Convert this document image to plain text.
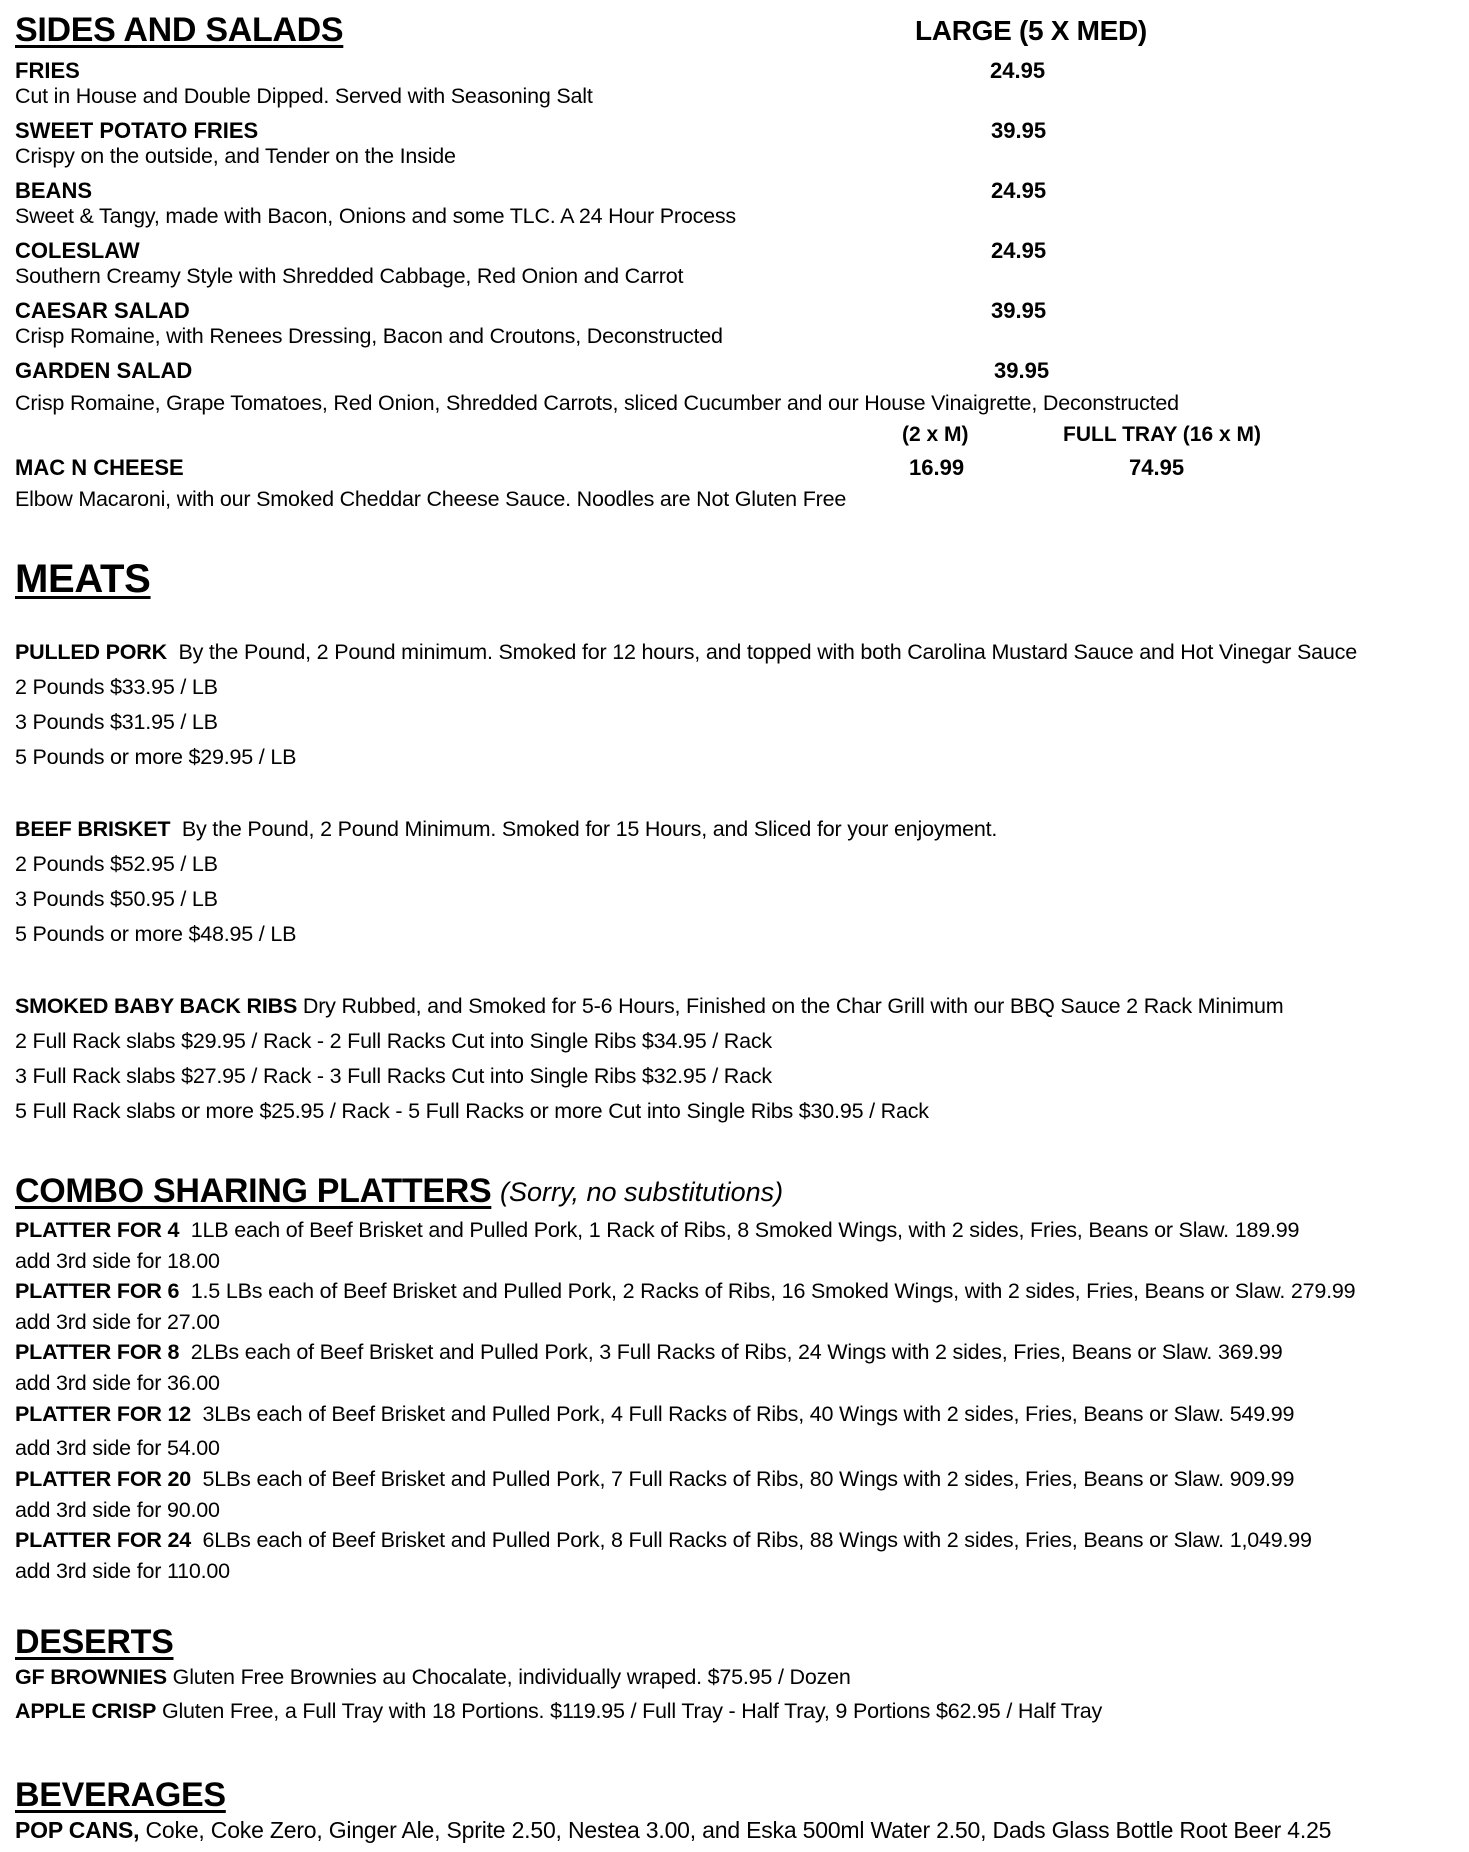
SIDES AND SALADS	LARGE (5 X MED)
FRIES	24.95
Cut in House and Double Dipped. Served with Seasoning Salt
SWEET POTATO FRIES	39.95
Crispy on the outside, and Tender on the Inside
BEANS	24.95
Sweet & Tangy, made with Bacon, Onions and some TLC. A 24 Hour Process
COLESLAW	24.95
Southern Creamy Style with Shredded Cabbage, Red Onion and Carrot
CAESAR SALAD	39.95
Crisp Romaine, with Renees Dressing, Bacon and Croutons, Deconstructed
GARDEN SALAD	39.95
Crisp Romaine, Grape Tomatoes, Red Onion, Shredded Carrots, sliced Cucumber and our House Vinaigrette, Deconstructed
(2 x M)	FULL TRAY (16 x M)
MAC N CHEESE	16.99	74.95
Elbow Macaroni, with our Smoked Cheddar Cheese Sauce. Noodles are Not Gluten Free
MEATS
PULLED PORK By the Pound, 2 Pound minimum. Smoked for 12 hours, and topped with both Carolina Mustard Sauce and Hot Vinegar Sauce
2 Pounds $33.95 / LB
3 Pounds $31.95 / LB
5 Pounds or more $29.95 / LB
BEEF BRISKET By the Pound, 2 Pound Minimum. Smoked for 15 Hours, and Sliced for your enjoyment.
2 Pounds $52.95 / LB
3 Pounds $50.95 / LB
5 Pounds or more $48.95 / LB
SMOKED BABY BACK RIBS Dry Rubbed, and Smoked for 5-6 Hours, Finished on the Char Grill with our BBQ Sauce 2 Rack Minimum
2 Full Rack slabs $29.95 / Rack - 2 Full Racks Cut into Single Ribs $34.95 / Rack
3 Full Rack slabs $27.95 / Rack - 3 Full Racks Cut into Single Ribs $32.95 / Rack
5 Full Rack slabs or more $25.95 / Rack - 5 Full Racks or more Cut into Single Ribs $30.95 / Rack
COMBO SHARING PLATTERS (Sorry, no substitutions)
PLATTER FOR 4 1LB each of Beef Brisket and Pulled Pork, 1 Rack of Ribs, 8 Smoked Wings, with 2 sides, Fries, Beans or Slaw. 189.99
add 3rd side for 18.00
PLATTER FOR 6 1.5 LBs each of Beef Brisket and Pulled Pork, 2 Racks of Ribs, 16 Smoked Wings, with 2 sides, Fries, Beans or Slaw. 279.99
add 3rd side for 27.00
PLATTER FOR 8 2LBs each of Beef Brisket and Pulled Pork, 3 Full Racks of Ribs, 24 Wings with 2 sides, Fries, Beans or Slaw. 369.99
add 3rd side for 36.00
PLATTER FOR 12 3LBs each of Beef Brisket and Pulled Pork, 4 Full Racks of Ribs, 40 Wings with 2 sides, Fries, Beans or Slaw. 549.99
add 3rd side for 54.00
PLATTER FOR 20 5LBs each of Beef Brisket and Pulled Pork, 7 Full Racks of Ribs, 80 Wings with 2 sides, Fries, Beans or Slaw. 909.99
add 3rd side for 90.00
PLATTER FOR 24 6LBs each of Beef Brisket and Pulled Pork, 8 Full Racks of Ribs, 88 Wings with 2 sides, Fries, Beans or Slaw. 1,049.99
add 3rd side for 110.00
DESERTS
GF BROWNIES Gluten Free Brownies au Chocalate, individually wraped. $75.95 / Dozen
APPLE CRISP Gluten Free, a Full Tray with 18 Portions. $119.95 / Full Tray - Half Tray, 9 Portions $62.95 / Half Tray
BEVERAGES
POP CANS, Coke, Coke Zero, Ginger Ale, Sprite 2.50, Nestea 3.00, and Eska 500ml Water 2.50, Dads Glass Bottle Root Beer 4.25
